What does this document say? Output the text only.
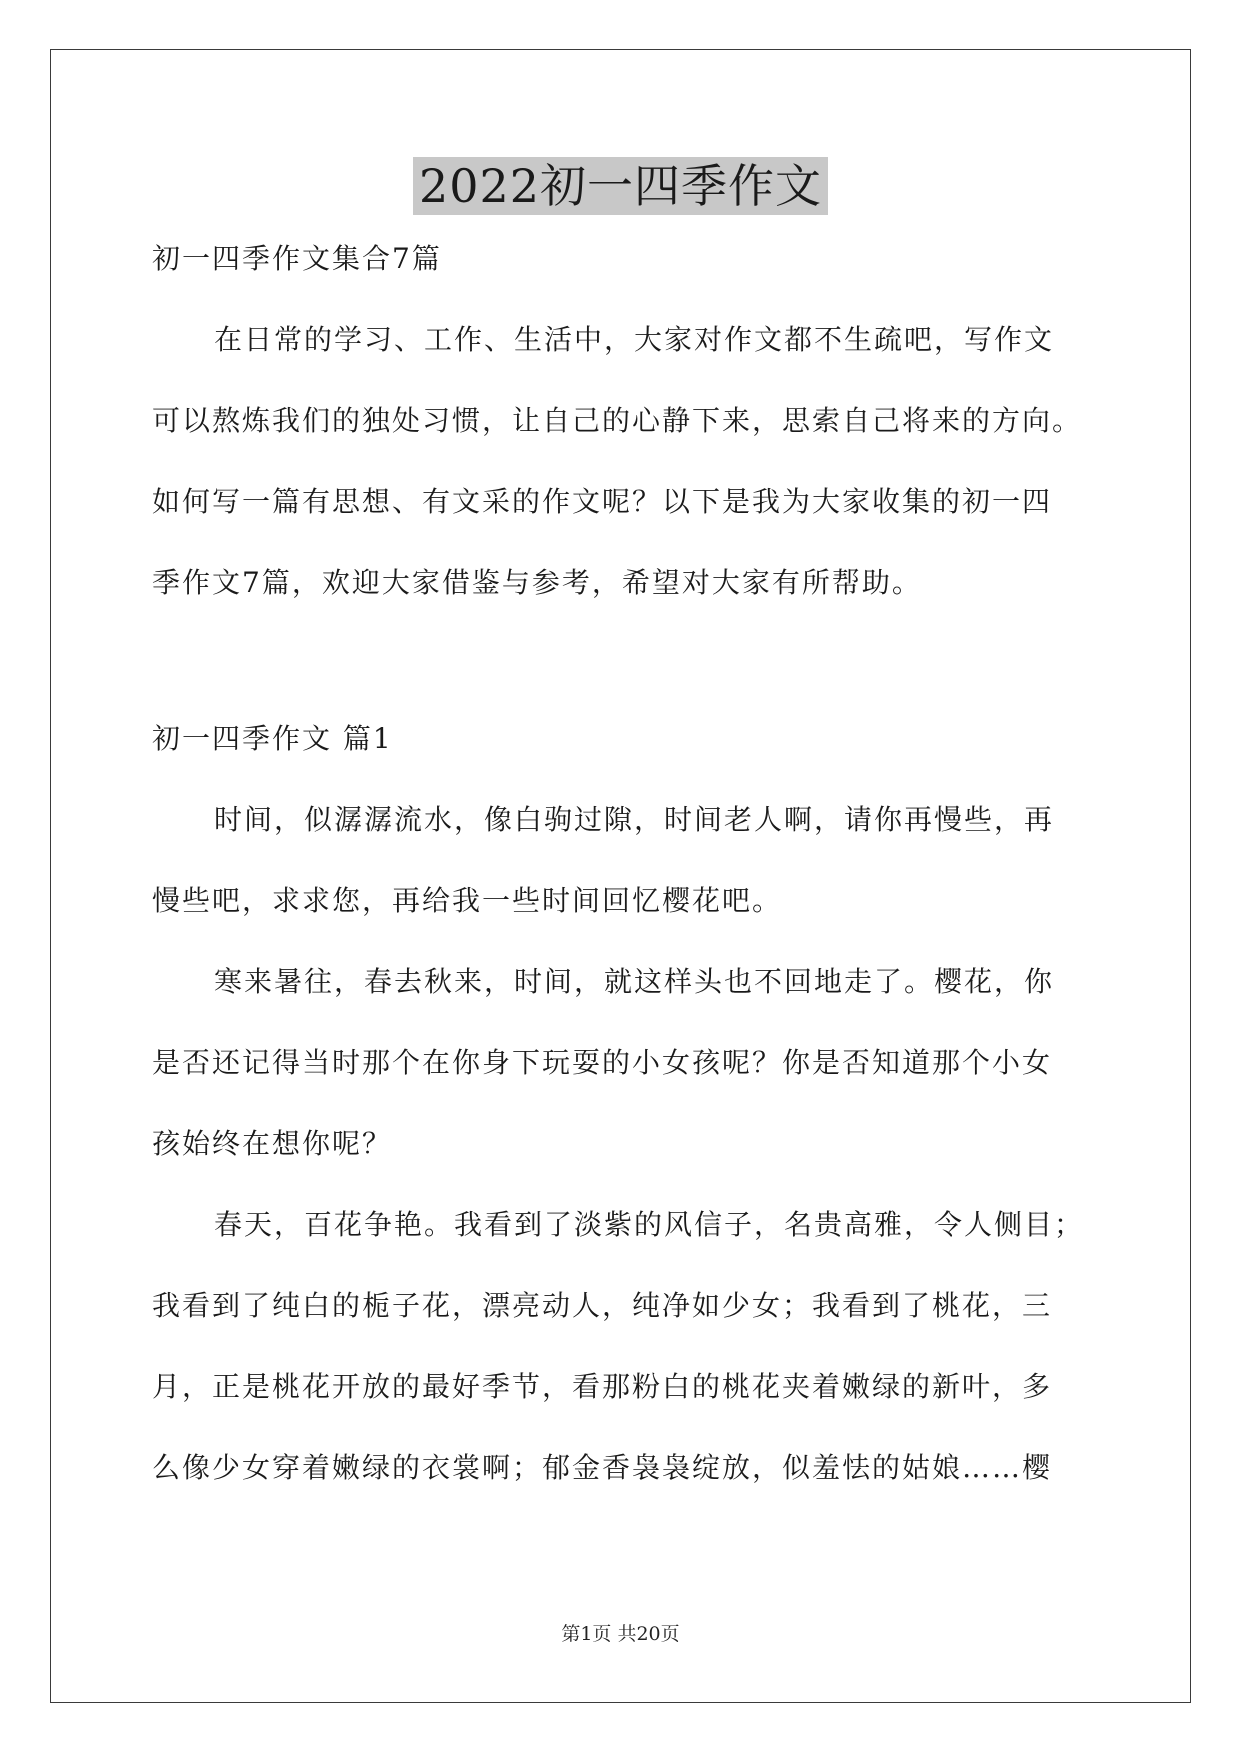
2022初一四季作文
初一四季作文集合7篇
在日常的学习、工作、生活中，大家对作文都不生疏吧，写作文
可以熬炼我们的独处习惯，让自己的心静下来，思索自己将来的方向。
如何写一篇有思想、有文采的作文呢？以下是我为大家收集的初一四
季作文7篇，欢迎大家借鉴与参考，希望对大家有所帮助。
初一四季作文 篇1
时间，似潺潺流水，像白驹过隙，时间老人啊，请你再慢些，再
慢些吧，求求您，再给我一些时间回忆樱花吧。
寒来暑往，春去秋来，时间，就这样头也不回地走了。樱花，你
是否还记得当时那个在你身下玩耍的小女孩呢？你是否知道那个小女
孩始终在想你呢？
春天，百花争艳。我看到了淡紫的风信子，名贵高雅，令人侧目；
我看到了纯白的栀子花，漂亮动人，纯净如少女；我看到了桃花，三
月，正是桃花开放的最好季节，看那粉白的桃花夹着嫩绿的新叶，多
么像少女穿着嫩绿的衣裳啊；郁金香袅袅绽放，似羞怯的姑娘……樱
第1页 共20页
